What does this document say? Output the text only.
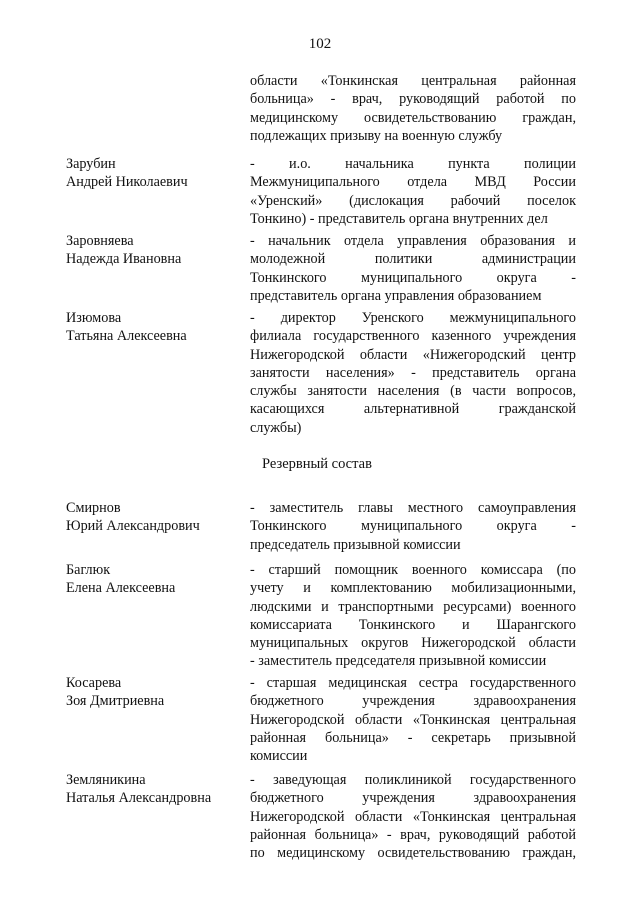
102
области «Тонкинская центральная районная
больница» - врач, руководящий работой по
медицинскому освидетельствованию граждан,
подлежащих призыву на военную службу
Зарубин
Андрей Николаевич
- и.о. начальника пункта полиции
Межмуниципального отдела МВД России
«Уренский» (дислокация рабочий поселок
Тонкино) - представитель органа внутренних дел
Заровняева
Надежда Ивановна
- начальник отдела управления образования и
молодежной политики администрации
Тонкинского муниципального округа -
представитель органа управления образованием
Изюмова
Татьяна Алексеевна
- директор Уренского межмуниципального
филиала государственного казенного учреждения
Нижегородской области «Нижегородский центр
занятости населения» - представитель органа
службы занятости населения (в части вопросов,
касающихся альтернативной гражданской
службы)
Резервный состав
Смирнов
Юрий Александрович
- заместитель главы местного самоуправления
Тонкинского муниципального округа -
председатель призывной комиссии
Баглюк
Елена Алексеевна
- старший помощник военного комиссара (по
учету и комплектованию мобилизационными,
людскими и транспортными ресурсами) военного
комиссариата Тонкинского и Шарангского
муниципальных округов Нижегородской области
- заместитель председателя призывной комиссии
Косарева
Зоя Дмитриевна
- старшая медицинская сестра государственного
бюджетного учреждения здравоохранения
Нижегородской области «Тонкинская центральная
районная больница» - секретарь призывной
комиссии
Земляникина
Наталья Александровна
- заведующая поликлиникой государственного
бюджетного учреждения здравоохранения
Нижегородской области «Тонкинская центральная
районная больница» - врач, руководящий работой
по медицинскому освидетельствованию граждан,
